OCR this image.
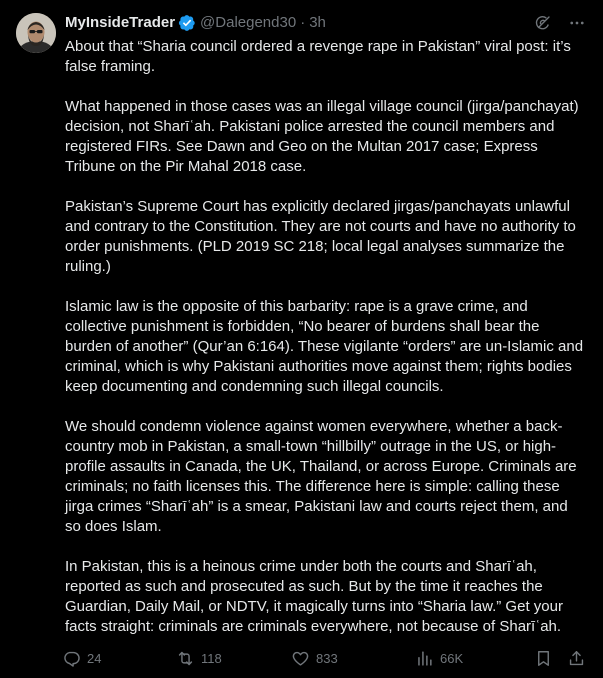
MyInsideTrader @Dalegend30 · 3h

About that “Sharia council ordered a revenge rape in Pakistan” viral post: it’s false framing.

What happened in those cases was an illegal village council (jirga/panchayat) decision, not Sharīʿah. Pakistani police arrested the council members and registered FIRs. See Dawn and Geo on the Multan 2017 case; Express Tribune on the Pir Mahal 2018 case.

Pakistan’s Supreme Court has explicitly declared jirgas/panchayats unlawful and contrary to the Constitution. They are not courts and have no authority to order punishments. (PLD 2019 SC 218; local legal analyses summarize the ruling.)

Islamic law is the opposite of this barbarity: rape is a grave crime, and collective punishment is forbidden, “No bearer of burdens shall bear the burden of another” (Qur’an 6:164). These vigilante “orders” are un-Islamic and criminal, which is why Pakistani authorities move against them; rights bodies keep documenting and condemning such illegal councils.

We should condemn violence against women everywhere, whether a back-country mob in Pakistan, a small-town “hillbilly” outrage in the US, or high-profile assaults in Canada, the UK, Thailand, or across Europe. Criminals are criminals; no faith licenses this. The difference here is simple: calling these jirga crimes “Sharīʿah” is a smear, Pakistani law and courts reject them, and so does Islam.

In Pakistan, this is a heinous crime under both the courts and Sharīʿah, reported as such and prosecuted as such. But by the time it reaches the Guardian, Daily Mail, or NDTV, it magically turns into “Sharia law.” Get your facts straight: criminals are criminals everywhere, not because of Sharīʿah.

24	118	833	66K
